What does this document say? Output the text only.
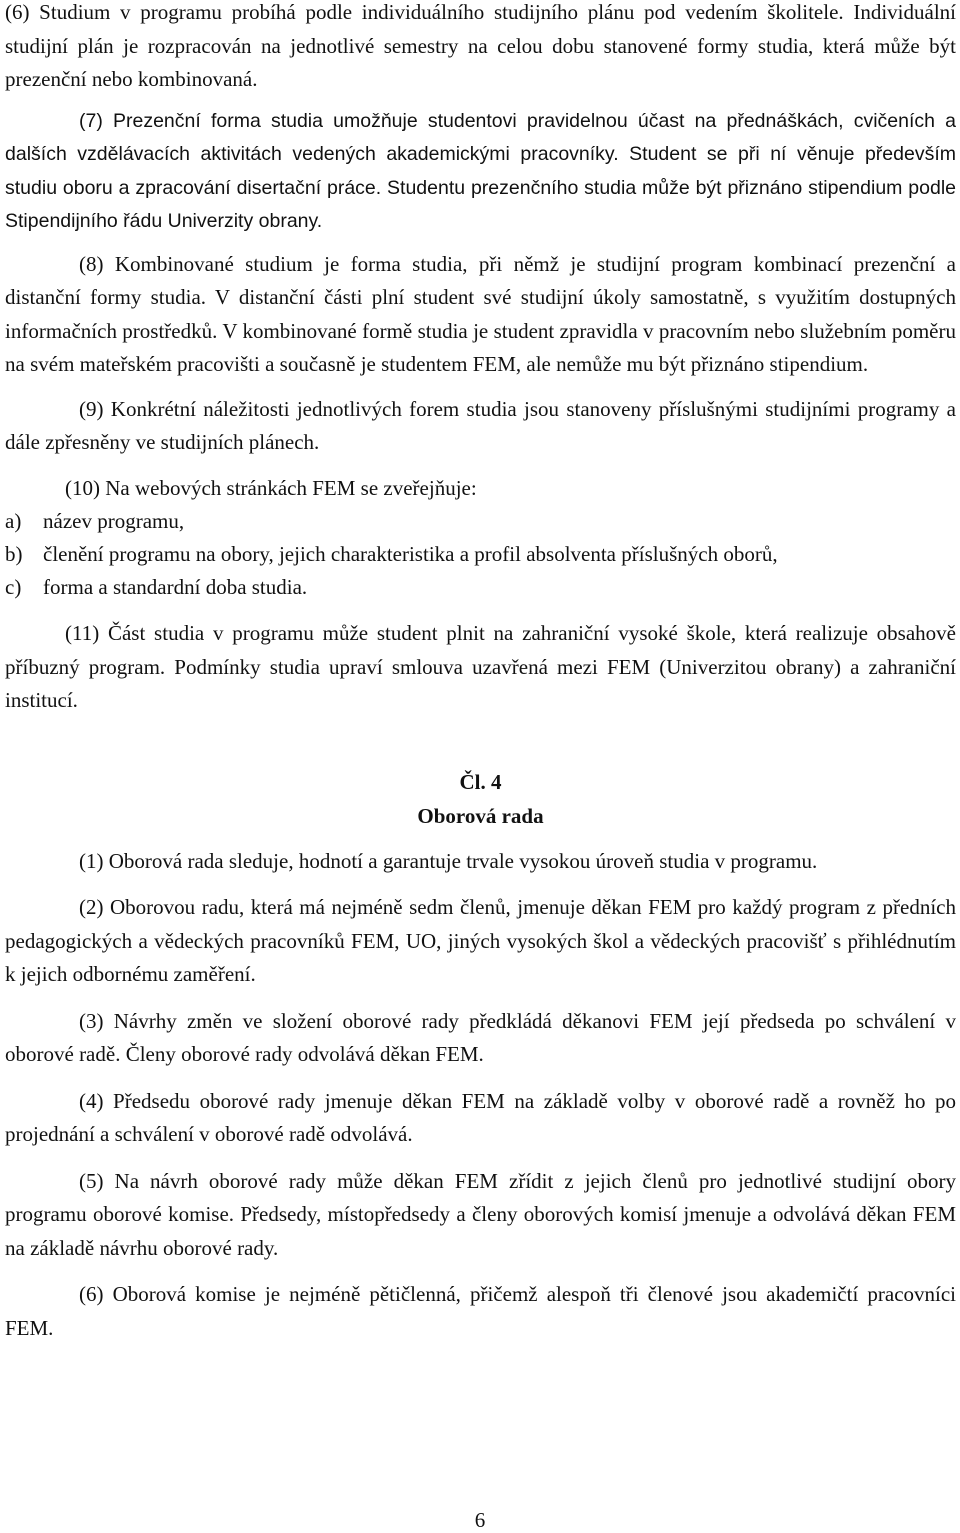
(6) Studium v programu probíhá podle individuálního studijního plánu pod vedením školitele. Individuální studijní plán je rozpracován na jednotlivé semestry na celou dobu stanovené formy studia, která může být prezenční nebo kombinovaná.

(7) Prezenční forma studia umožňuje studentovi pravidelnou účast na přednáškách, cvičeních a dalších vzdělávacích aktivitách vedených akademickými pracovníky. Student se při ní věnuje především studiu oboru a zpracování disertační práce. Studentu prezenčního studia může být přiznáno stipendium podle Stipendijního řádu Univerzity obrany.

(8) Kombinované studium je forma studia, při němž je studijní program kombinací prezenční a distanční formy studia. V distanční části plní student své studijní úkoly samostatně, s využitím dostupných informačních prostředků. V kombinované formě studia je student zpravidla v pracovním nebo služebním poměru na svém mateřském pracovišti a současně je studentem FEM, ale nemůže mu být přiznáno stipendium.

(9) Konkrétní náležitosti jednotlivých forem studia jsou stanoveny příslušnými studijními programy a dále zpřesněny ve studijních plánech.

(10) Na webových stránkách FEM se zveřejňuje:

a)	název programu,
b) členění programu na obory, jejich charakteristika a profil absolventa příslušných oborů,
c)	forma a standardní doba studia.

(11) Část studia v programu může student plnit na zahraniční vysoké škole, která realizuje obsahově příbuzný program. Podmínky studia upraví smlouva uzavřená mezi FEM (Univerzitou obrany) a zahraniční institucí.

Čl. 4
Oborová rada

(1) Oborová rada sleduje, hodnotí a garantuje trvale vysokou úroveň studia v programu.

(2) Oborovou radu, která má nejméně sedm členů, jmenuje děkan FEM pro každý program z předních pedagogických a vědeckých pracovníků FEM, UO, jiných vysokých škol a vědeckých pracovišť s přihlédnutím k jejich odbornému zaměření.

(3) Návrhy změn ve složení oborové rady předkládá děkanovi FEM její předseda po schválení v oborové radě. Členy oborové rady odvolává děkan FEM.

(4) Předsedu oborové rady jmenuje děkan FEM na základě volby v oborové radě a rovněž ho po projednání a schválení v oborové radě odvolává.

(5) Na návrh oborové rady může děkan FEM zřídit z jejich členů pro jednotlivé studijní obory programu oborové komise. Předsedy, místopředsedy a členy oborových komisí jmenuje a odvolává děkan FEM na základě návrhu oborové rady.

(6) Oborová komise je nejméně pětičlenná, přičemž alespoň tři členové jsou akademičtí pracovníci FEM.

6
